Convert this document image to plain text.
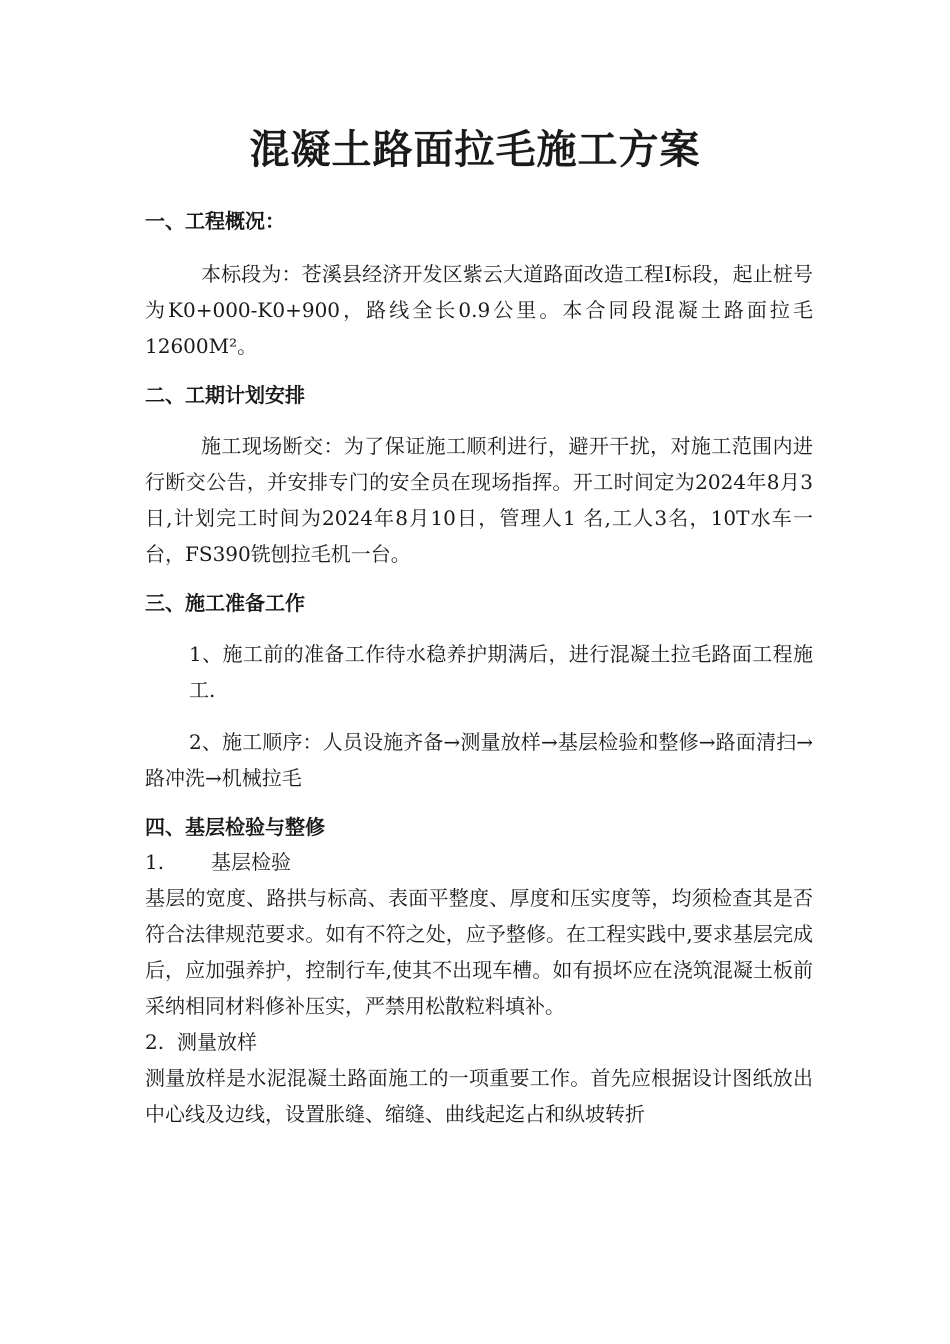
混凝土路面拉毛施工方案

一、工程概况：

本标段为：苍溪县经济开发区紫云大道路面改造工程Ⅰ标段，起止桩号为K0+000-K0+900，路线全长0.9公里。本合同段混凝土路面拉毛12600M²。

二、工期计划安排

施工现场断交：为了保证施工顺利进行，避开干扰，对施工范围内进行断交公告，并安排专门的安全员在现场指挥。开工时间定为2024年8月3日,计划完工时间为2024年8月10日，管理人1 名,工人3名，10T水车一台，FS390铣刨拉毛机一台。

三、施工准备工作

1、施工前的准备工作待水稳养护期满后，进行混凝土拉毛路面工程施工.

2、施工顺序：人员设施齐备→测量放样→基层检验和整修→路面清扫→路冲洗→机械拉毛

四、基层检验与整修

1. 基层检验

基层的宽度、路拱与标高、表面平整度、厚度和压实度等，均须检查其是否符合法律规范要求。如有不符之处，应予整修。在工程实践中,要求基层完成后，应加强养护，控制行车,使其不出现车槽。如有损坏应在浇筑混凝土板前采纳相同材料修补压实，严禁用松散粒料填补。

2. 测量放样

测量放样是水泥混凝土路面施工的一项重要工作。首先应根据设计图纸放出中心线及边线，设置胀缝、缩缝、曲线起迄占和纵坡转折
